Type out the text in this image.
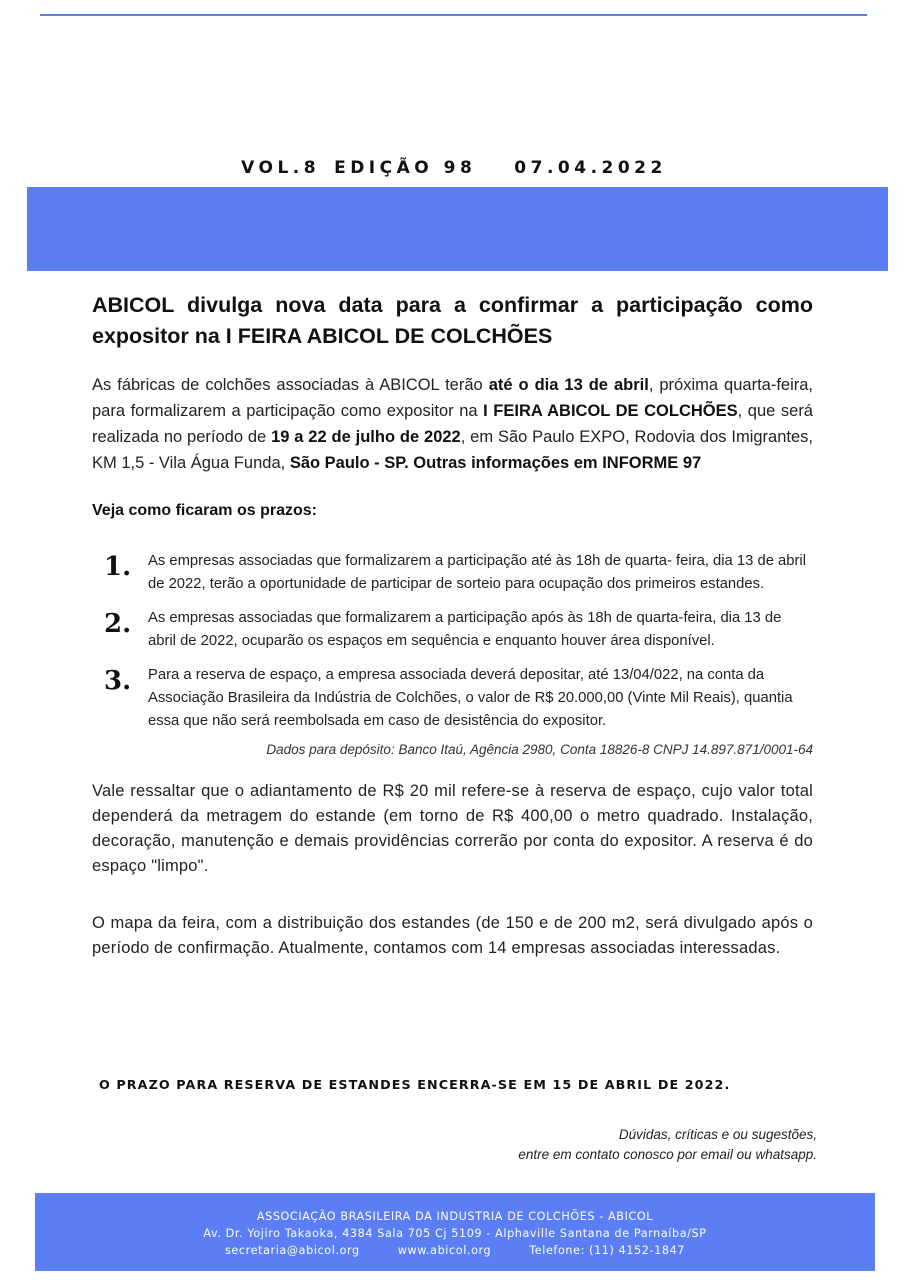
VOL.8 EDIÇÃO 98 07.04.2022
ABICOL divulga nova data para a confirmar a participação como expositor na I FEIRA ABICOL DE COLCHÕES

As fábricas de colchões associadas à ABICOL terão até o dia 13 de abril, próxima quarta-feira, para formalizarem a participação como expositor na I FEIRA ABICOL DE COLCHÕES, que será realizada no período de 19 a 22 de julho de 2022, em São Paulo EXPO, Rodovia dos Imigrantes, KM 1,5 - Vila Água Funda, São Paulo - SP. Outras informações em INFORME 97

Veja como ficaram os prazos:

1. As empresas associadas que formalizarem a participação até às 18h de quarta- feira, dia 13 de abril de 2022, terão a oportunidade de participar de sorteio para ocupação dos primeiros estandes.
2. As empresas associadas que formalizarem a participação após às 18h de quarta-feira, dia 13 de abril de 2022, ocuparão os espaços em sequência e enquanto houver área disponível.
3. Para a reserva de espaço, a empresa associada deverá depositar, até 13/04/022, na conta da Associação Brasileira da Indústria de Colchões, o valor de R$ 20.000,00 (Vinte Mil Reais), quantia essa que não será reembolsada em caso de desistência do expositor.
Dados para depósito: Banco Itaú, Agência 2980, Conta 18826-8 CNPJ 14.897.871/0001-64

Vale ressaltar que o adiantamento de R$ 20 mil refere-se à reserva de espaço, cujo valor total dependerá da metragem do estande (em torno de R$ 400,00 o metro quadrado. Instalação, decoração, manutenção e demais providências correrão por conta do expositor. A reserva é do espaço "limpo".

O mapa da feira, com a distribuição dos estandes (de 150 e de 200 m2, será divulgado após o período de confirmação. Atualmente, contamos com 14 empresas associadas interessadas.

O PRAZO PARA RESERVA DE ESTANDES ENCERRA-SE EM 15 DE ABRIL DE 2022.
Dúvidas, críticas e ou sugestões,
entre em contato conosco por email ou whatsapp.
ASSOCIAÇÃO BRASILEIRA DA INDUSTRIA DE COLCHÕES - ABICOL
Av. Dr. Yojiro Takaoka, 4384 Sala 705 Cj 5109 - Alphaville Santana de Parnaíba/SP
secretaria@abicol.org	www.abicol.org	Telefone: (11) 4152-1847
